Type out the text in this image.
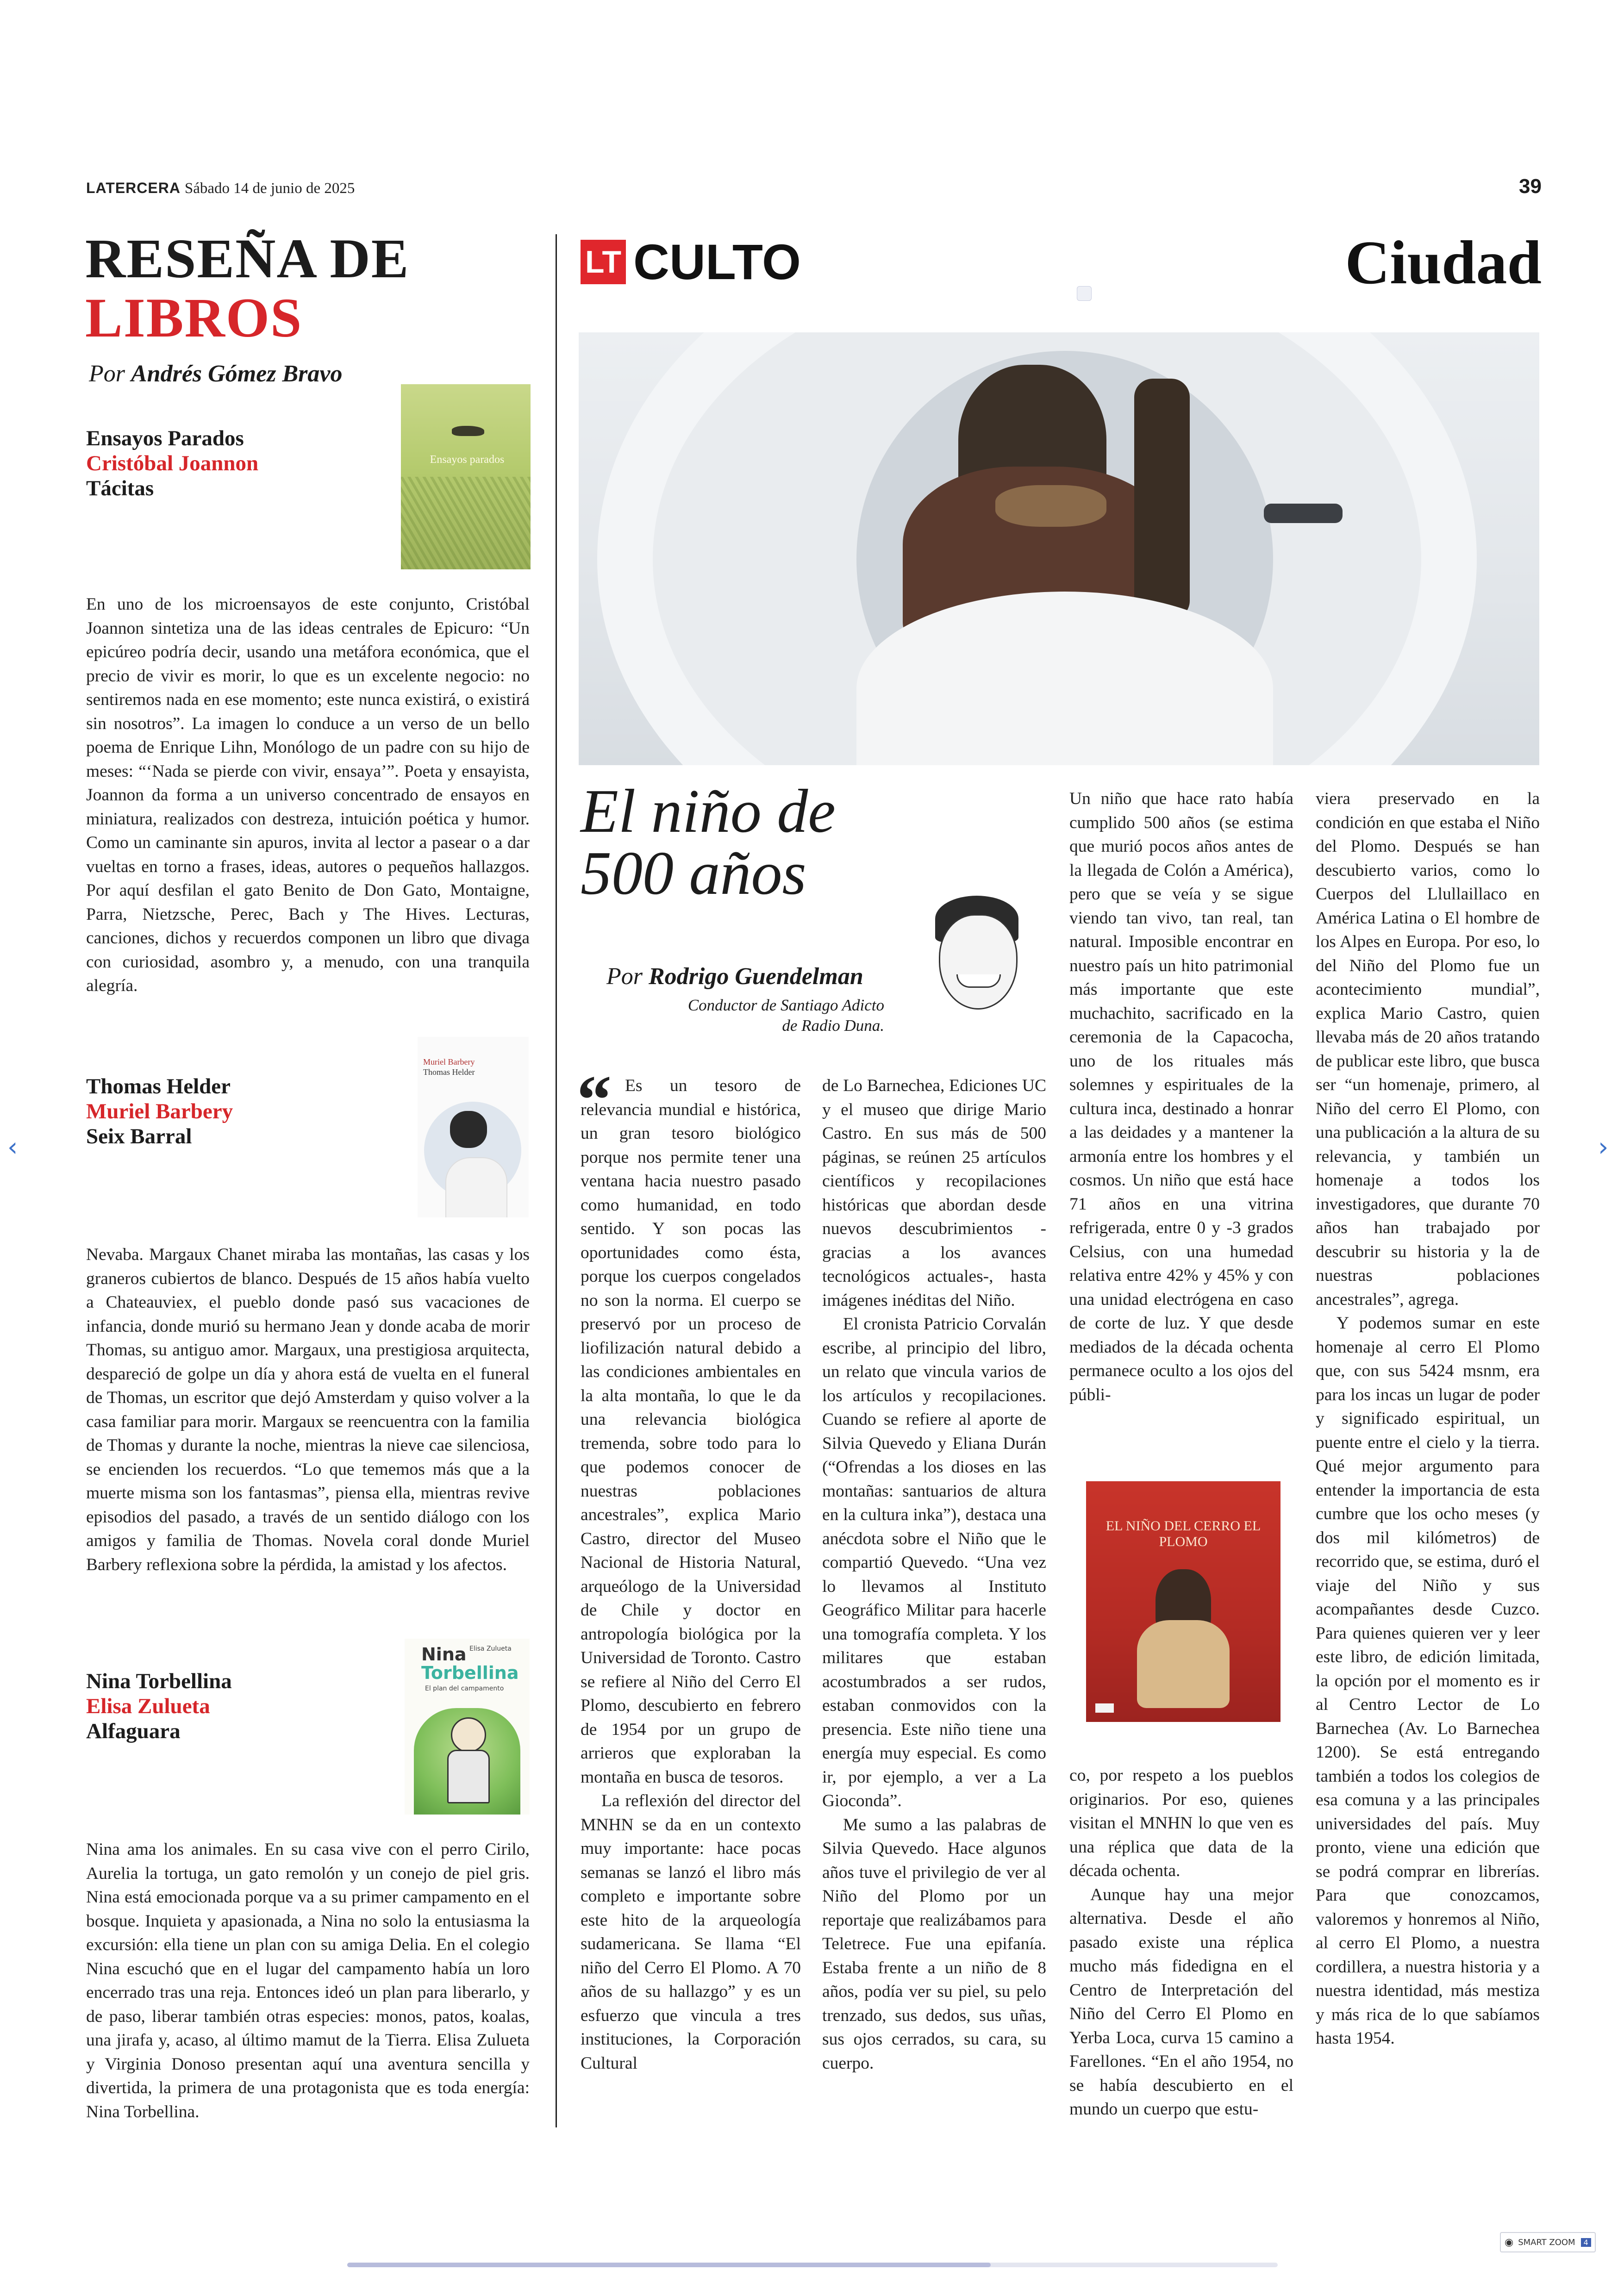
‹	›
LATERCERA Sábado 14 de junio de 2025	39
RESEÑA DE
LIBROS
Por Andrés Gómez Bravo
Ensayos Parados
Cristóbal Joannon
Tácitas
Ensayos parados

En uno de los microensayos de este conjunto, Cristóbal Joannon sintetiza una de las ideas centrales de Epicuro: “Un epicúreo podría decir, usando una metáfora económica, que el precio de vivir es morir, lo que es un excelente negocio: no sentiremos nada en ese momento; este nunca existirá, o existirá sin nosotros”. La imagen lo conduce a un verso de un bello poema de Enrique Lihn, Monólogo de un padre con su hijo de meses: “‘Nada se pierde con vivir, ensaya’”. Poeta y ensayista, Joannon da forma a un universo concentrado de ensayos en miniatura, realizados con destreza, intuición poética y humor. Como un caminante sin apuros, invita al lector a pasear o a dar vueltas en torno a frases, ideas, autores o pequeños hallazgos. Por aquí desfilan el gato Benito de Don Gato, Montaigne, Parra, Nietzsche, Perec, Bach y The Hives. Lecturas, canciones, dichos y recuerdos componen un libro que divaga con curiosidad, asombro y, a menudo, con una tranquila alegría.

Thomas Helder
Muriel Barbery
Seix Barral
Muriel Barbery
Thomas Helder

Nevaba. Margaux Chanet miraba las montañas, las casas y los graneros cubiertos de blanco. Después de 15 años había vuelto a Chateauviex, el pueblo donde pasó sus vacaciones de infancia, donde murió su hermano Jean y donde acaba de morir Thomas, su antiguo amor. Margaux, una prestigiosa arquitecta, despareció de golpe un día y ahora está de vuelta en el funeral de Thomas, un escritor que dejó Amsterdam y quiso volver a la casa familiar para morir. Margaux se reencuentra con la familia de Thomas y durante la noche, mientras la nieve cae silenciosa, se encienden los recuerdos. “Lo que tememos más que a la muerte misma son los fantasmas”, piensa ella, mientras revive episodios del pasado, a través de un sentido diálogo con los amigos y familia de Thomas. Novela coral donde Muriel Barbery reflexiona sobre la pérdida, la amistad y los afectos.

Nina Torbellina
Elisa Zulueta
Alfaguara
Nina
Torbellina
Elisa Zulueta
El plan del campamento

Nina ama los animales. En su casa vive con el perro Cirilo, Aurelia la tortuga, un gato remolón y un conejo de piel gris. Nina está emocionada porque va a su primer campamento en el bosque. Inquieta y apasionada, a Nina no solo la entusiasma la excursión: ella tiene un plan con su amiga Delia. En el colegio Nina escuchó que en el lugar del campamento había un loro encerrado tras una reja. Entonces ideó un plan para liberarlo, y de paso, liberar también otras especies: monos, patos, koalas, una jirafa y, acaso, al último mamut de la Tierra. Elisa Zulueta y Virginia Donoso presentan aquí una aventura sencilla y divertida, la primera de una protagonista que es toda energía: Nina Torbellina.

LT CULTO	Ciudad
El niño de
500 años
Por Rodrigo Guendelman
Conductor de Santiago Adicto
de Radio Duna.
“ Es un tesoro de relevancia mundial e histórica, un gran tesoro biológico porque nos permite tener una ventana hacia nuestro pasado como humanidad, en todo sentido. Y son pocas las oportunidades como ésta, porque los cuerpos congelados no son la norma. El cuerpo se preservó por un proceso de liofilización natural debido a las condiciones ambientales en la alta montaña, lo que le da una relevancia biológica tremenda, sobre todo para lo que podemos conocer de nuestras poblaciones ancestrales”, explica Mario Castro, director del Museo Nacional de Historia Natural, arqueólogo de la Universidad de Chile y doctor en antropología biológica por la Universidad de Toronto. Castro se refiere al Niño del Cerro El Plomo, descubierto en febrero de 1954 por un grupo de arrieros que exploraban la montaña en busca de tesoros.

La reflexión del director del MNHN se da en un contexto muy importante: hace pocas semanas se lanzó el libro más completo e importante sobre este hito de la arqueología sudamericana. Se llama “El niño del Cerro El Plomo. A 70 años de su hallazgo” y es un esfuerzo que vincula a tres instituciones, la Corporación Cultural

de Lo Barnechea, Ediciones UC y el museo que dirige Mario Castro. En sus más de 500 páginas, se reúnen 25 artículos científicos y recopilaciones históricas que abordan desde nuevos descubrimientos -gracias a los avances tecnológicos actuales-, hasta imágenes inéditas del Niño.

El cronista Patricio Corvalán escribe, al principio del libro, un relato que vincula varios de los artículos y recopilaciones. Cuando se refiere al aporte de Silvia Quevedo y Eliana Durán (“Ofrendas a los dioses en las montañas: santuarios de altura en la cultura inka”), destaca una anécdota sobre el Niño que le compartió Quevedo. “Una vez lo llevamos al Instituto Geográfico Militar para hacerle una tomografía completa. Y los militares que estaban acostumbrados a ser rudos, estaban conmovidos con la presencia. Este niño tiene una energía muy especial. Es como ir, por ejemplo, a ver a La Gioconda”.

Me sumo a las palabras de Silvia Quevedo. Hace algunos años tuve el privilegio de ver al Niño del Plomo por un reportaje que realizábamos para Teletrece. Fue una epifanía. Estaba frente a un niño de 8 años, podía ver su piel, su pelo trenzado, sus dedos, sus uñas, sus ojos cerrados, su cara, su cuerpo.

Un niño que hace rato había cumplido 500 años (se estima que murió pocos años antes de la llegada de Colón a América), pero que se veía y se sigue viendo tan vivo, tan real, tan natural. Imposible encontrar en nuestro país un hito patrimonial más importante que este muchachito, sacrificado en la ceremonia de la Capacocha, uno de los rituales más solemnes y espirituales de la cultura inca, destinado a honrar a las deidades y a mantener la armonía entre los hombres y el cosmos. Un niño que está hace 71 años en una vitrina refrigerada, entre 0 y -3 grados Celsius, con una humedad relativa entre 42% y 45% y con una unidad electrógena en caso de corte de luz. Y que desde mediados de la década ochenta permanece oculto a los ojos del públi-

EL NIÑO DEL CERRO EL PLOMO

co, por respeto a los pueblos originarios. Por eso, quienes visitan el MNHN lo que ven es una réplica que data de la década ochenta.

Aunque hay una mejor alternativa. Desde el año pasado existe una réplica mucho más fidedigna en el Centro de Interpretación del Niño del Cerro El Plomo en Yerba Loca, curva 15 camino a Farellones. “En el año 1954, no se había descubierto en el mundo un cuerpo que estu-

viera preservado en la condición en que estaba el Niño del Plomo. Después se han descubierto varios, como lo Cuerpos del Llullaillaco en América Latina o El hombre de los Alpes en Europa. Por eso, lo del Niño del Plomo fue un acontecimiento mundial”, explica Mario Castro, quien llevaba más de 20 años tratando de publicar este libro, que busca ser “un homenaje, primero, al Niño del cerro El Plomo, con una publicación a la altura de su relevancia, y también un homenaje a todos los investigadores, que durante 70 años han trabajado por descubrir su historia y la de nuestras poblaciones ancestrales”, agrega.

Y podemos sumar en este homenaje al cerro El Plomo que, con sus 5424 msnm, era para los incas un lugar de poder y significado espiritual, un puente entre el cielo y la tierra. Qué mejor argumento para entender la importancia de esta cumbre que los ocho meses (y dos mil kilómetros) de recorrido que, se estima, duró el viaje del Niño y sus acompañantes desde Cuzco. Para quienes quieren ver y leer este libro, de edición limitada, la opción por el momento es ir al Centro Lector de Lo Barnechea (Av. Lo Barnechea 1200). Se está entregando también a todos los colegios de esa comuna y a las principales universidades del país. Muy pronto, viene una edición que se podrá comprar en librerías. Para que conozcamos, valoremos y honremos al Niño, al cerro El Plomo, a nuestra cordillera, a nuestra historia y a nuestra identidad, más mestiza y más rica de lo que sabíamos hasta 1954.

◉ SMART ZOOM	4
